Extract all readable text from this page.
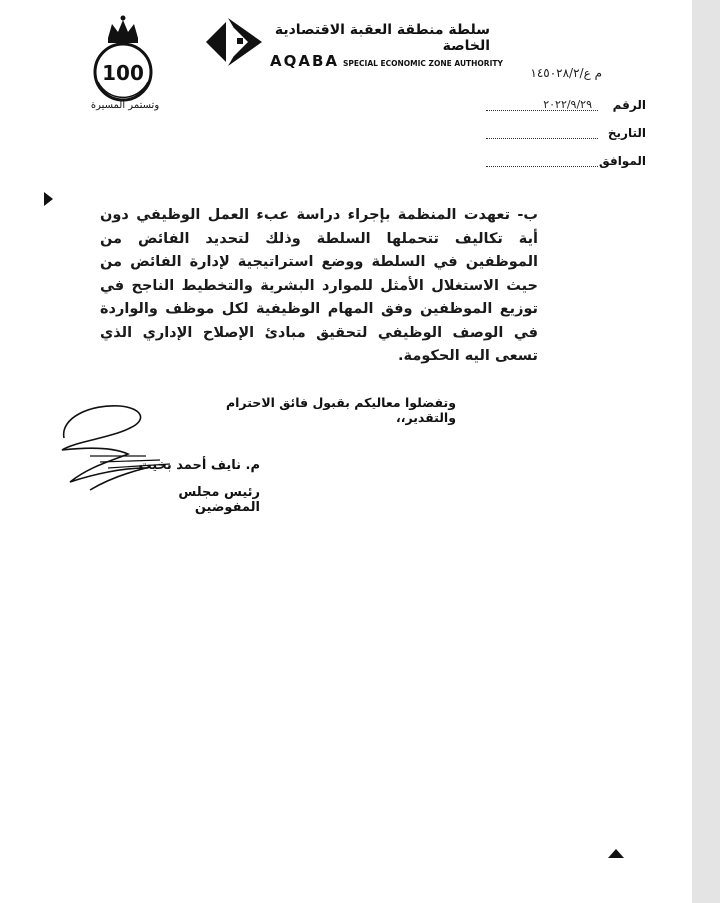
100
وتستمر المسيرة
سلطة منطقة العقبة الاقتصادية الخاصة
AQABA SPECIAL ECONOMIC ZONE AUTHORITY
م ع/١٤٥٠٢٨/٢
الرقم
٢٠٢٢/٩/٢٩
التاريخ
الموافق
ب- تعهدت المنظمة بإجراء دراسة عبء العمل الوظيفي دون أية تكاليف تتحملها السلطة وذلك لتحديد الفائض من الموظفين في السلطة ووضع استراتيجية لإدارة الفائض من حيث الاستغلال الأمثل للموارد البشرية والتخطيط الناجح في توزيع الموظفين وفق المهام الوظيفية لكل موظف والواردة في الوصف الوظيفي لتحقيق مبادئ الإصلاح الإداري الذي تسعى اليه الحكومة.
وتفضلوا معاليكم بقبول فائق الاحترام والتقدير،،
م. نايف أحمد بخيت
رئيس مجلس المفوضين
